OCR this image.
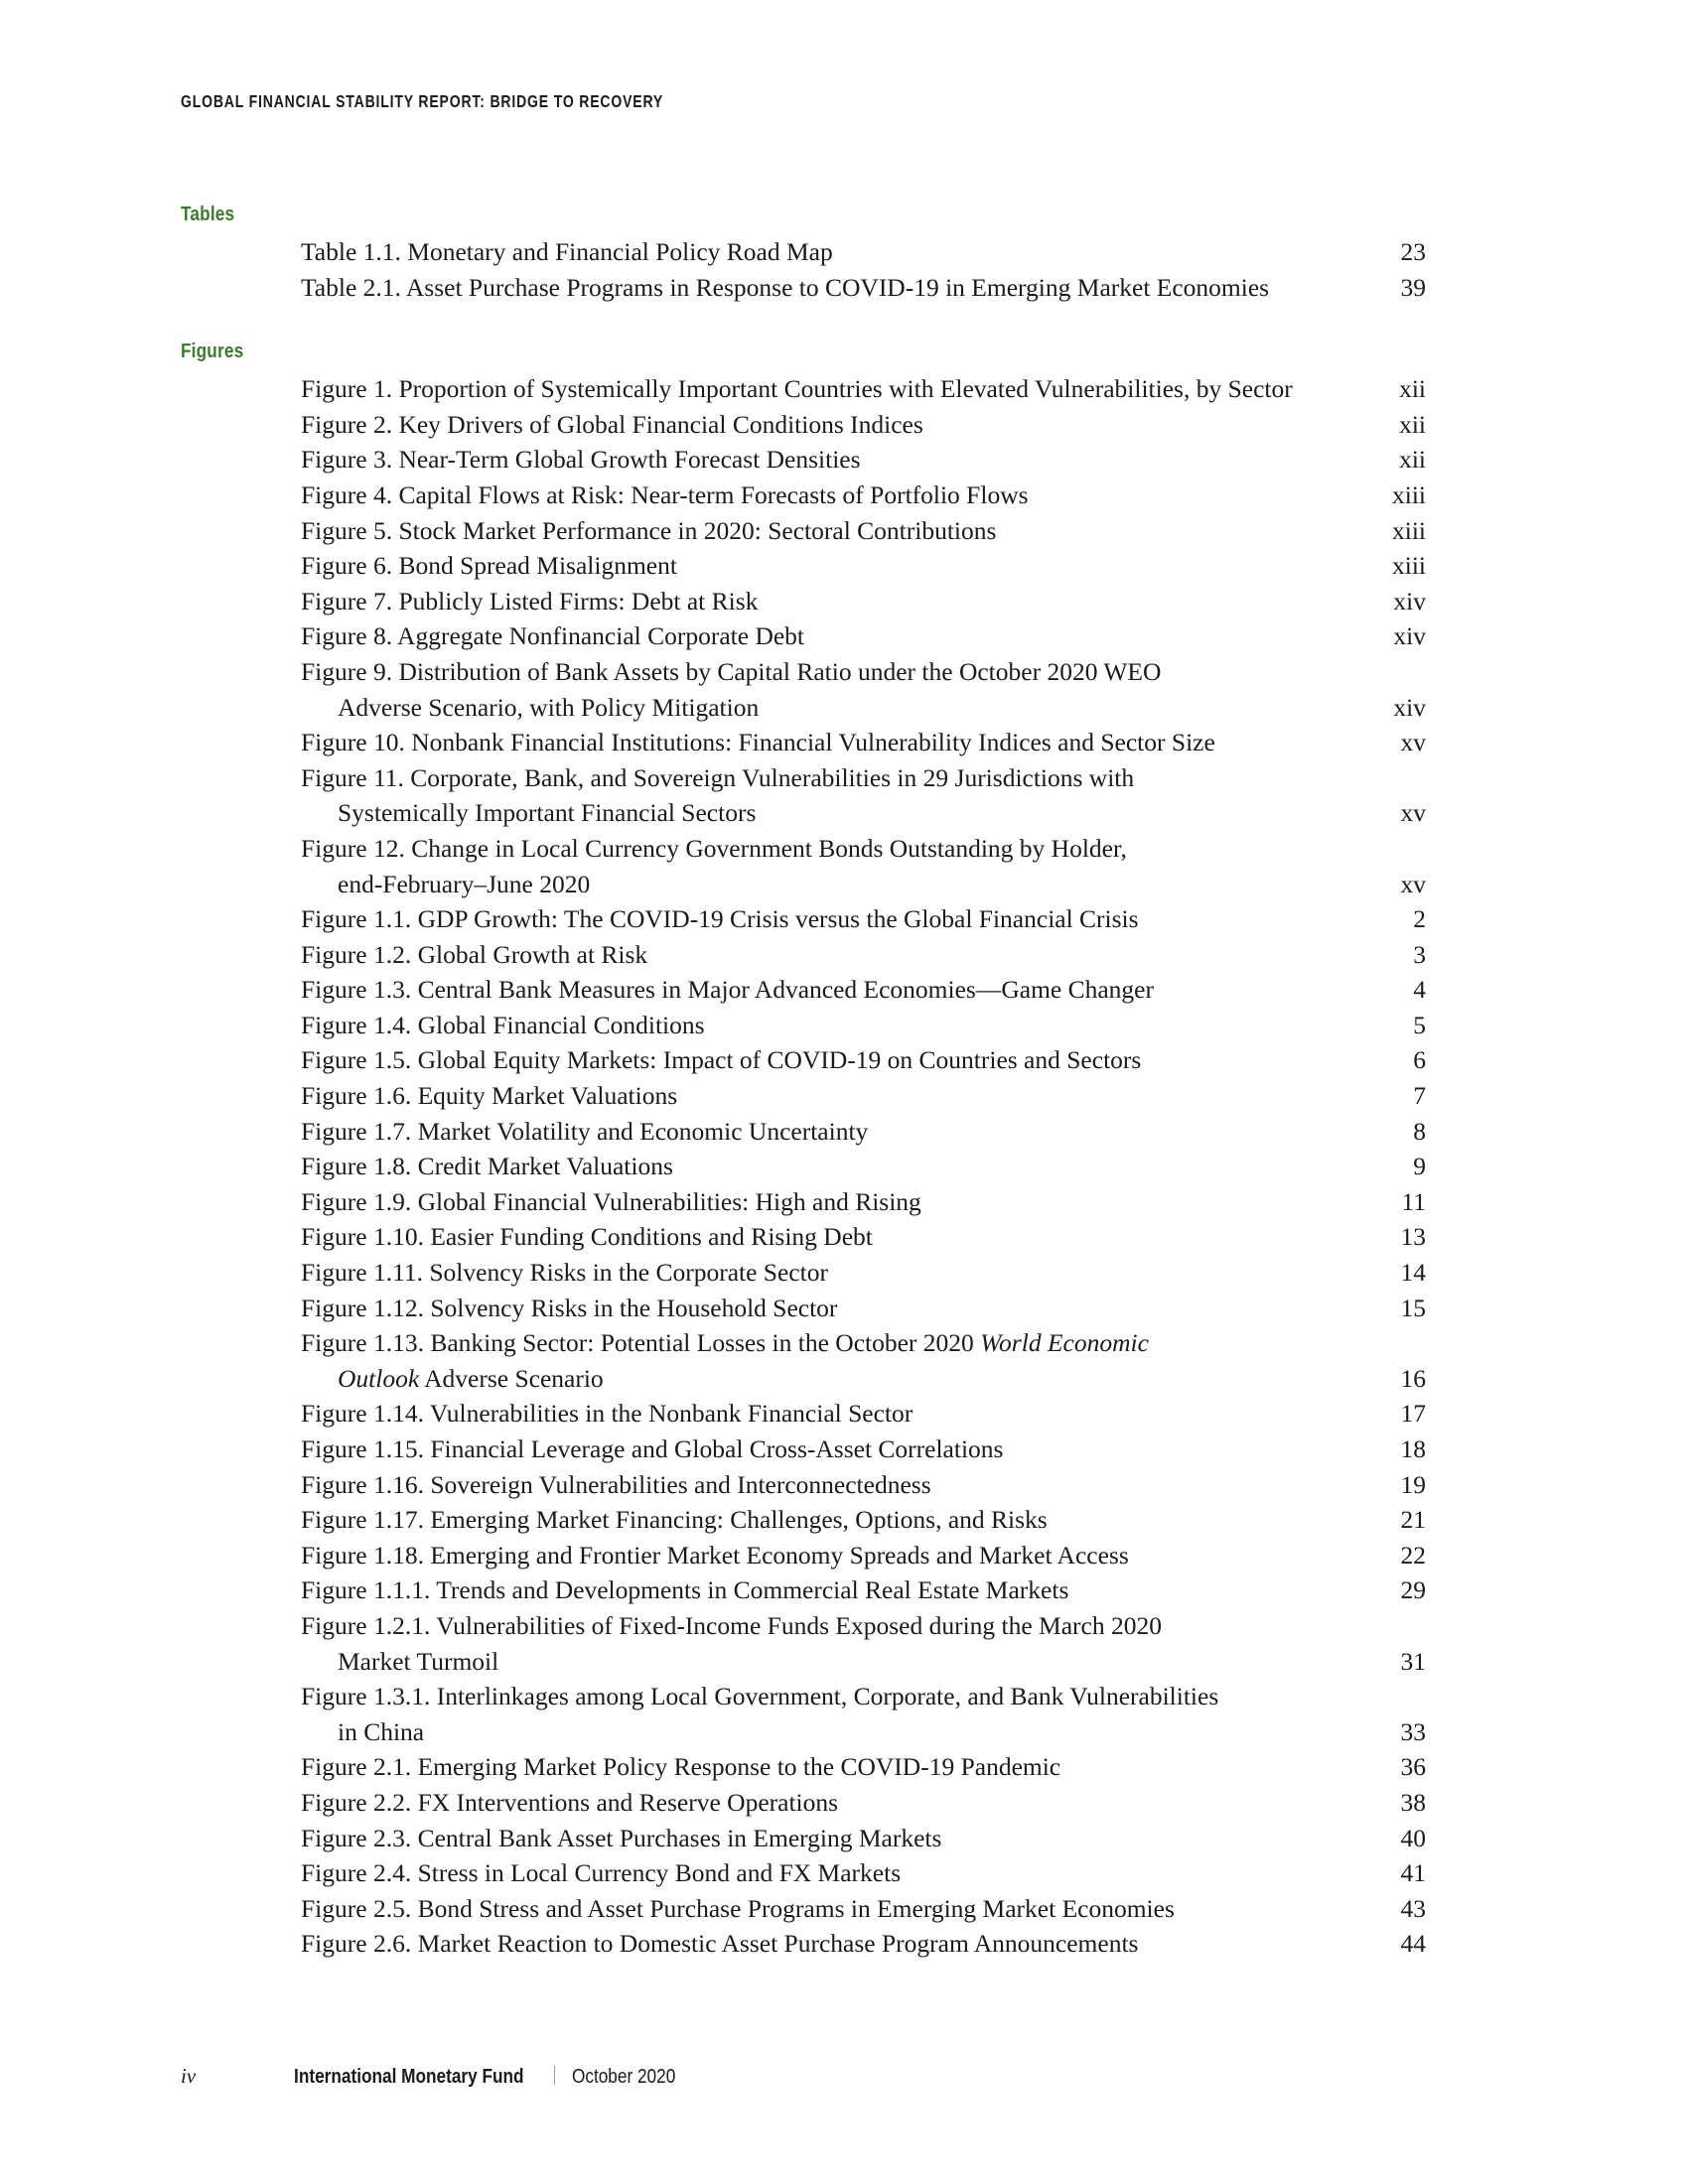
GLOBAL FINANCIAL STABILITY REPORT: BRIDGE TO RECOVERY
Tables
Table 1.1. Monetary and Financial Policy Road Map	23
Table 2.1. Asset Purchase Programs in Response to COVID-19 in Emerging Market Economies	39
Figures
Figure 1. Proportion of Systemically Important Countries with Elevated Vulnerabilities, by Sector	xii
Figure 2. Key Drivers of Global Financial Conditions Indices	xii
Figure 3. Near-Term Global Growth Forecast Densities	xii
Figure 4. Capital Flows at Risk: Near-term Forecasts of Portfolio Flows	xiii
Figure 5. Stock Market Performance in 2020: Sectoral Contributions	xiii
Figure 6. Bond Spread Misalignment	xiii
Figure 7. Publicly Listed Firms: Debt at Risk	xiv
Figure 8. Aggregate Nonfinancial Corporate Debt	xiv
Figure 9. Distribution of Bank Assets by Capital Ratio under the October 2020 WEO
Adverse Scenario, with Policy Mitigation	xiv
Figure 10. Nonbank Financial Institutions: Financial Vulnerability Indices and Sector Size	xv
Figure 11. Corporate, Bank, and Sovereign Vulnerabilities in 29 Jurisdictions with
Systemically Important Financial Sectors	xv
Figure 12. Change in Local Currency Government Bonds Outstanding by Holder,
end-February–June 2020	xv
Figure 1.1. GDP Growth: The COVID-19 Crisis versus the Global Financial Crisis	2
Figure 1.2. Global Growth at Risk	3
Figure 1.3. Central Bank Measures in Major Advanced Economies—Game Changer	4
Figure 1.4. Global Financial Conditions	5
Figure 1.5. Global Equity Markets: Impact of COVID-19 on Countries and Sectors	6
Figure 1.6. Equity Market Valuations	7
Figure 1.7. Market Volatility and Economic Uncertainty	8
Figure 1.8. Credit Market Valuations	9
Figure 1.9. Global Financial Vulnerabilities: High and Rising	11
Figure 1.10. Easier Funding Conditions and Rising Debt	13
Figure 1.11. Solvency Risks in the Corporate Sector	14
Figure 1.12. Solvency Risks in the Household Sector	15
Figure 1.13. Banking Sector: Potential Losses in the October 2020 World Economic
Outlook Adverse Scenario	16
Figure 1.14. Vulnerabilities in the Nonbank Financial Sector	17
Figure 1.15. Financial Leverage and Global Cross-Asset Correlations	18
Figure 1.16. Sovereign Vulnerabilities and Interconnectedness	19
Figure 1.17. Emerging Market Financing: Challenges, Options, and Risks	21
Figure 1.18. Emerging and Frontier Market Economy Spreads and Market Access	22
Figure 1.1.1. Trends and Developments in Commercial Real Estate Markets	29
Figure 1.2.1. Vulnerabilities of Fixed-Income Funds Exposed during the March 2020
Market Turmoil	31
Figure 1.3.1. Interlinkages among Local Government, Corporate, and Bank Vulnerabilities
in China	33
Figure 2.1. Emerging Market Policy Response to the COVID-19 Pandemic	36
Figure 2.2. FX Interventions and Reserve Operations	38
Figure 2.3. Central Bank Asset Purchases in Emerging Markets	40
Figure 2.4. Stress in Local Currency Bond and FX Markets	41
Figure 2.5. Bond Stress and Asset Purchase Programs in Emerging Market Economies	43
Figure 2.6. Market Reaction to Domestic Asset Purchase Program Announcements	44
iv	International Monetary Fund October 2020
